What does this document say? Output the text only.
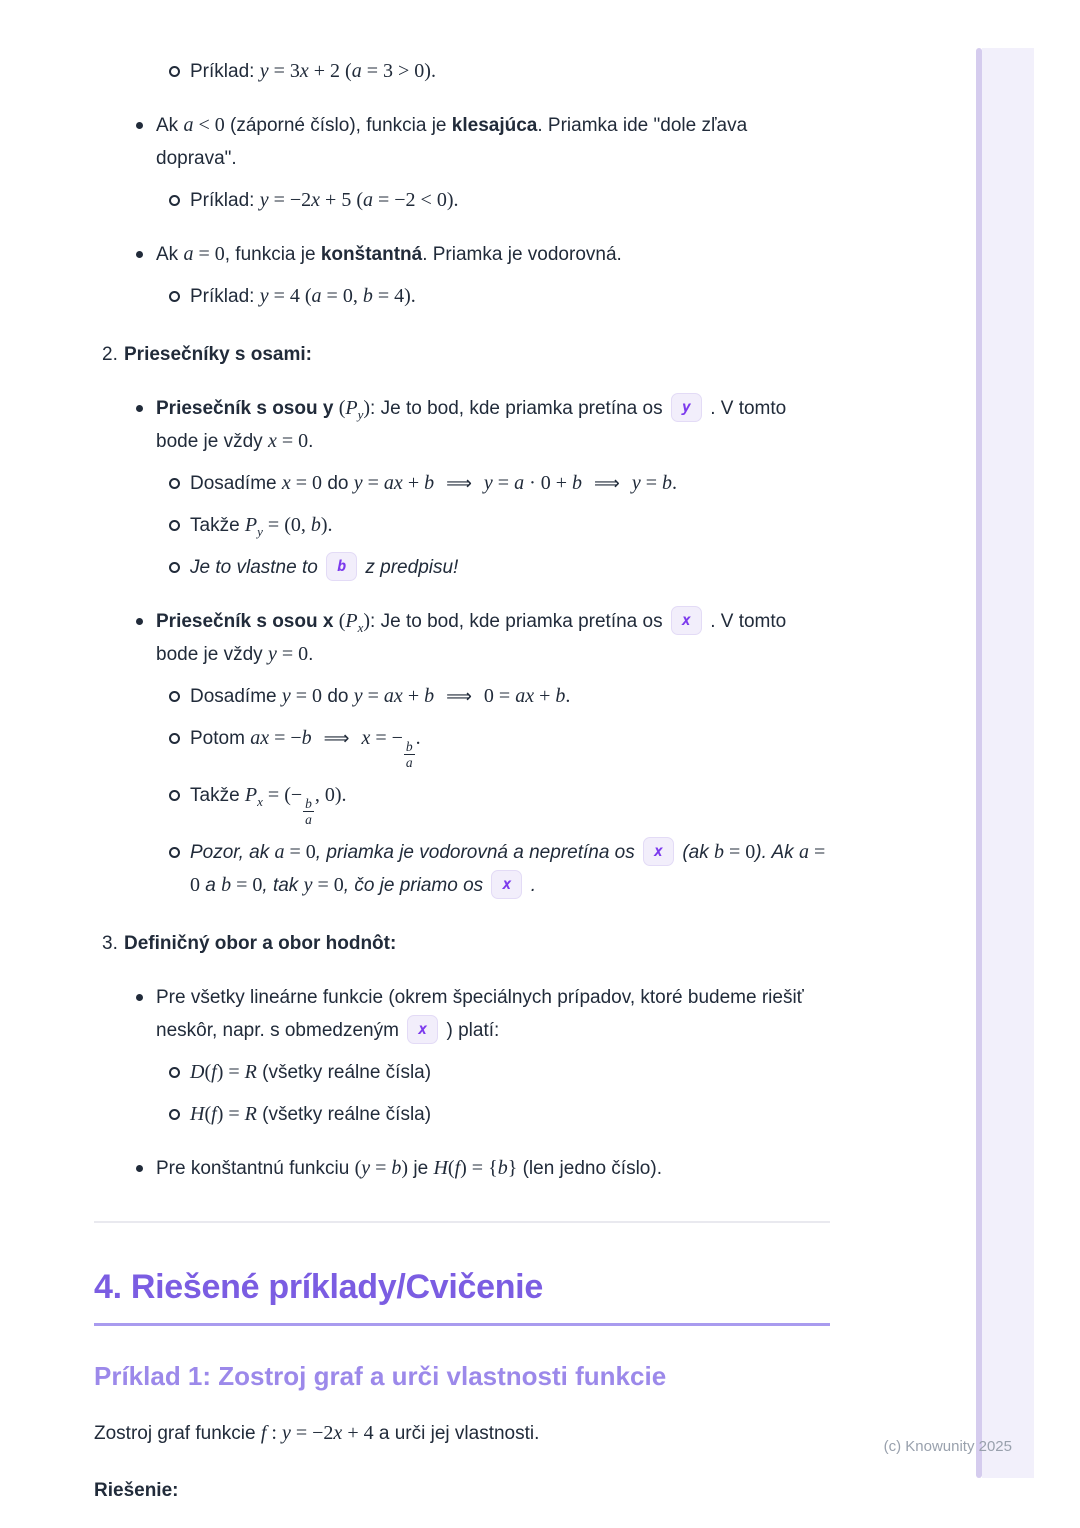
Príklad: y = 3x + 2 (a = 3 > 0).
Ak a < 0 (záporné číslo), funkcia je klesajúca. Priamka ide "dole zľava doprava".
Príklad: y = −2x + 5 (a = −2 < 0).
Ak a = 0, funkcia je konštantná. Priamka je vodorovná.
Príklad: y = 4 (a = 0, b = 4).
2. Priesečníky s osami:
Priesečník s osou y $(P_y)$: Je to bod, kde priamka pretína os y . V tomto bode je vždy x = 0.
Dosadíme x = 0 do y = ax + b ⟹ y = a · 0 + b ⟹ y = b.
Takže $P_y = (0$, b).
Je to vlastne to b z predpisu!
Priesečník s osou x $(P_x)$: Je to bod, kde priamka pretína os x . V tomto bode je vždy y = 0.
Dosadíme y = 0 do y = ax + b ⟹ 0 = ax + b.
Potom ax = −b ⟹ x = −
$\frac{b}{a}$
.
Takže $P_x$ = (−
$\frac{b}{a}$
, 0).
Pozor, ak a = 0, priamka je vodorovná a nepretína os x (ak b = 0). Ak a = 0 a b = 0, tak y = 0, čo je priamo os x .
3. Definičný obor a obor hodnôt:
Pre všetky lineárne funkcie (okrem špeciálnych prípadov, ktoré budeme riešiť neskôr, napr. s obmedzeným x ) platí:
D(f) = R (všetky reálne čísla)
H(f) = R (všetky reálne čísla)
Pre konštantnú funkciu (y = b) je H(f) = {b} (len jedno číslo).
4. Riešené príklady/Cvičenie
Príklad 1: Zostroj graf a urči vlastnosti funkcie

Zostroj graf funkcie f : y = −2x + 4 a urči jej vlastnosti.

Riešenie:

(c) Knowunity 2025
